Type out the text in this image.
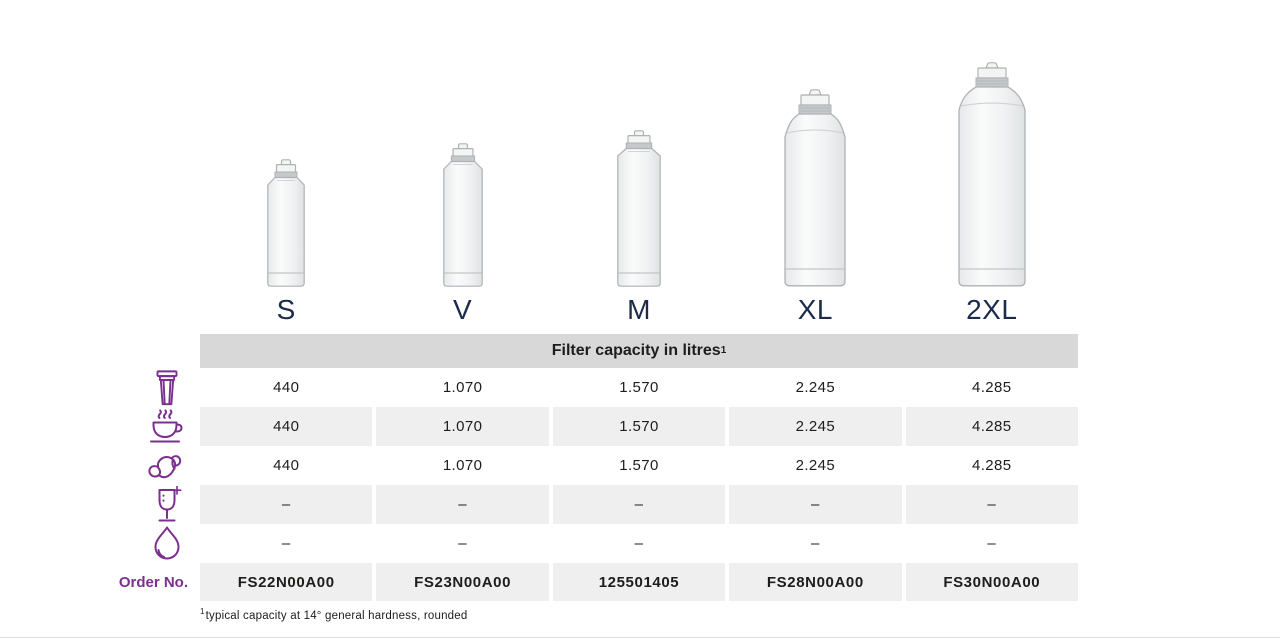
S	V	M	XL	2XL
Filter capacity in litres 1
440	1.070	1.570	2.245	4.285
440	1.070	1.570	2.245	4.285
440	1.070	1.570	2.245	4.285
–	–	–	–	–
–	–	–	–	–
Order No.	FS22N00A00	FS23N00A00	125501405	FS28N00A00	FS30N00A00
$^1$typical capacity at 14° general hardness, rounded
